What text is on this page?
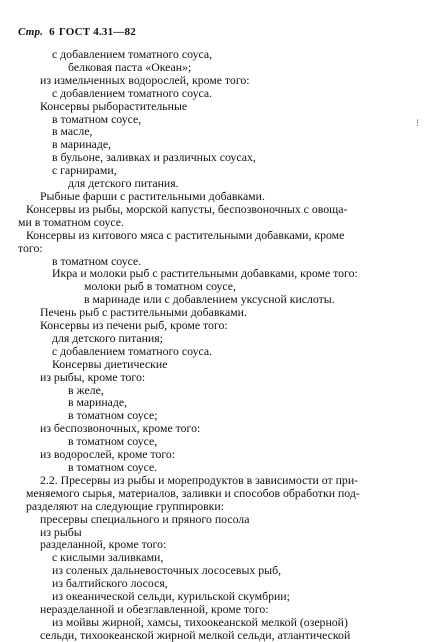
Стр. 6 ГОСТ 4.31—82
с добавлением томатного соуса,
белковая паста «Океан»;
из измельченных водорослей, кроме того:
с добавлением томатного соуса.
Консервы рыборастительные
в томатном соусе,
в масле,
в маринаде,
в бульоне, заливках и различных соусах,
с гарнирами,
для детского питания.
Рыбные фарши с растительными добавками.
Консервы из рыбы, морской капусты, беспозвоночных с овоща-
ми в томатном соусе.
Консервы из китового мяса с растительными добавками, кроме
того:
в томатном соусе.
Икра и молоки рыб с растительными добавками, кроме того:
молоки рыб в томатном соусе,
в маринаде или с добавлением уксусной кислоты.
Печень рыб с растительными добавками.
Консервы из печени рыб, кроме того:
для детского питания;
с добавлением томатного соуса.
Консервы диетические
из рыбы, кроме того:
в желе,
в маринаде,
в томатном соусе;
из беспозвоночных, кроме того:
в томатном соусе,
из водорослей, кроме того:
в томатном соусе.
2.2. Пресервы из рыбы и морепродуктов в зависимости от при-
меняемого сырья, материалов, заливки и способов обработки под-
разделяют на следующие группировки:
пресервы специального и пряного посола
из рыбы
разделанной, кроме того:
с кислыми заливками,
из соленых дальневосточных лососевых рыб,
из балтийского лосося,
из океанической сельди, курильской скумбрии;
неразделанной и обезглавленной, кроме того:
из мойвы жирной, хамсы, тихоокеанской мелкой (озерной)
сельди, тихоокеанской жирной мелкой сельди, атлантической
⁝
